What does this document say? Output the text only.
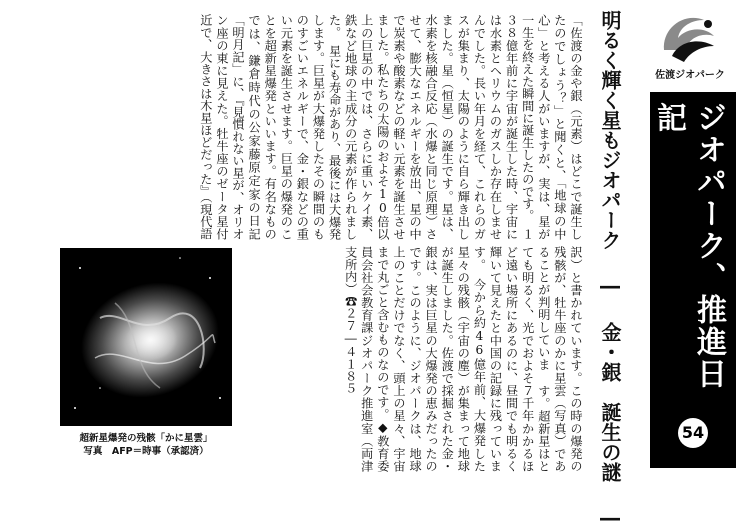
佐渡ジオパーク
ジオパーク、推進日記
54
明るく輝く星もジオパーク ― 金・銀　誕生の謎 ―
「佐渡の金や銀（元素）はどこで誕生したのでしょう？」と聞くと、「地球の中心」と考える人がいますが、実は、星が一生を終えた瞬間に誕生したのです。　１３８億年前に宇宙が誕生した時、宇宙には水素とヘリウムのガスしか存在しませんでした。長い年月を経て、これらのガスが集まり、太陽のように自ら輝き出しました。星（恒星）の誕生です。星は、水素を核融合反応（水爆と同じ原理）させて、膨大なエネルギーを放出、星の中で炭素や酸素などの軽い元素を誕生させました。私たちの太陽のおよそ10倍以上の巨星の中では、さらに重いケイ素、鉄など地球の主成分の元素が作られました。　星にも寿命があり、最後には大爆発します。巨星が大爆発したその瞬間のものすごいエネルギーで、金・銀などの重い元素を誕生させます。巨星の爆発のことを超新星爆発といいます。有名なものでは、鎌倉時代の公家藤原定家の日記「明月記」に、『見慣れない星が、オリオン座の東に見えた。牡牛座のゼータ星付近で、大きさは木星ほどだった』（現代語
訳）と書かれています。この時の爆発の残骸が、牡牛座のかに星雲（写真）であることが判明していま す。超新星はとても明るく、光でおよそ７千年かかるほど遠い場所にあるのに、昼間でも明るく輝いて見えたと中国の記録に残っています。　今から約46億年前、大爆発した星々の残骸（宇宙の塵）が集まって地球が誕生しました。佐渡で採掘された金・銀は、実は巨星の大爆発の恵みだったのです。このように、ジオパークは、地球上のことだけでなく、頭上の星々、宇宙まで丸ごと含むものなのです。◆教育委員会社会教育課ジオパーク推進室（両津支所内）☎２７―４１８５
超新星爆発の残骸「かに星雲」
写真　AFP＝時事（承認済）
